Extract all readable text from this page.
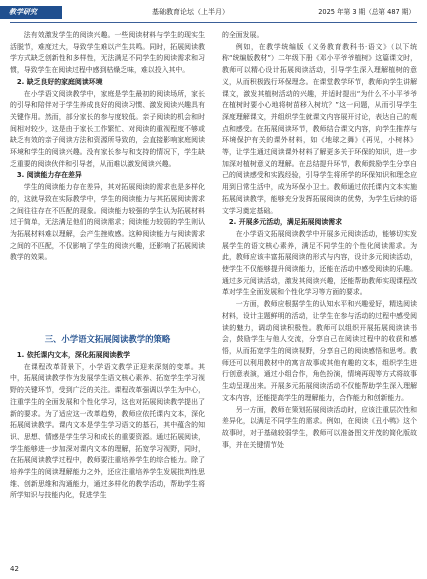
教学研究	基础教育论坛（上半月）	2025 年第 3 期（总第 487 期）

法有效激发学生的阅读兴趣。一些阅读材料与学生的现实生活脱节，难度过大，导致学生难以产生共鸣。同时，拓展阅读教学方式缺乏创新性和多样性，无法满足不同学生的阅读需求和习惯，导致学生在阅读过程中感到枯燥乏味，难以投入其中。

2. 缺乏良好的家庭阅读环境

在小学语文阅读教学中，家庭是学生最初的阅读场所，家长的引导和陪伴对于学生养成良好的阅读习惯、激发阅读兴趣具有关键作用。然而，部分家长的参与度较低。亲子阅读的机会和时间相对较少，这是由于家长工作繁忙、对阅读的重视程度不够或缺乏有效的亲子阅读方法和资源所导致的，会直接影响家庭阅读环境和学生的阅读兴趣。没有家长参与和支持的情况下，学生缺乏重要的阅读伙伴和引导者，从而难以激发阅读兴趣。

3. 阅读能力存在差异

学生的阅读能力存在差异，其对拓展阅读的需求也是多样化的，这就导致在实际教学中，学生的阅读能力与其拓展阅读需求之间往往存在不匹配的现象。阅读能力较强的学生认为拓展材料过于简单，无法满足他们的阅读需求；阅读能力较弱的学生则认为拓展材料难以理解，会产生挫败感。这种阅读能力与阅读需求之间的不匹配，不仅影响了学生的阅读兴趣，还影响了拓展阅读教学的效果。

三、小学语文拓展阅读教学的策略

1. 依托课内文本，深化拓展阅读教学

在课程改革背景下，小学语文教学正迎来深刻的变革。其中，拓展阅读教学作为发展学生语文核心素养、拓宽学生学习视野的关键环节，受到广泛的关注。课程改革强调以学生为中心，注重学生的全面发展和个性化学习，这也对拓展阅读教学提出了新的要求。为了适应这一改革趋势，教师应依托课内文本，深化拓展阅读教学。课内文本是学生学习语文的基石，其中蕴含的知识、思想、情感是学生学习和成长的重要资源。通过拓展阅读，学生能够进一步加深对课内文本的理解，拓宽学习视野，同时，在拓展阅读教学过程中，教师要注重培养学生的综合能力。除了培养学生的阅读理解能力之外，还应注重培养学生发展批判性思维、创新思维和沟通能力，通过多样化的教学活动，帮助学生将所学知识与技能内化，促进学生

的全面发展。

例如，在教学统编版《义务教育教科书·语文》（以下统称“统编版教材”）二年级下册《邓小平爷爷植树》这篇课文时，教师可以精心设计拓展阅读活动，引导学生深入理解植树的意义，从而积极践行环保理念。在课堂教学环节，教师向学生讲解课文，激发其植树活动的兴趣，并适时提出“为什么不小平爷爷在植树时要小心地将树苗移入树坑？”这一问题，从而引导学生深度理解课文，并组织学生就课文内容展开讨论，表达自己的观点和感受。在拓展阅读环节，教师结合课文内容，向学生推荐与环境保护有关的课外材料，如《地球之舞》《再见，小树林》等，让学生通过阅读课外材料了解更多关于环保的知识，进一步加深对植树意义的理解。在总结提升环节，教师鼓励学生分享自己的阅读感受和实践经验，引导学生将所学的环保知识和理念应用到日常生活中，成为环保小卫士。教师通过依托课内文本实施拓展阅读教学，能够充分发挥拓展阅读的优势，为学生后续的语文学习奠定基础。

2. 开展多元活动，满足拓展阅读需求

在小学语文拓展阅读教学中开展多元阅读活动，能够切实发展学生的语文核心素养，满足不同学生的个性化阅读需求。为此，教师应该丰富拓展阅读的形式与内容，设计多元阅读活动，使学生不仅能够提升阅读能力，还能在活动中感受阅读的乐趣。通过多元阅读活动，激发其阅读兴趣，还能帮助教师实现课程改革对学生全面发展和个性化学习等方面的要求。

一方面，教师应根据学生的认知水平和兴趣爱好，精选阅读材料，设计主题鲜明的活动，让学生在参与活动的过程中感受阅读的魅力，调动阅读积极性。教师可以组织开展拓展阅读读书会，鼓励学生与他人交流，分享自己在阅读过程中的收获和感悟，从而拓宽学生的阅读视野，分享自己的阅读感悟和思考。教师还可以利用教材中的寓言故事或其他有趣的文本，组织学生进行创意表演，通过小组合作，角色扮演，情境再现等方式将故事生动呈现出来。开展多元拓展阅读活动不仅能帮助学生深入理解文本内容，还能提高学生的理解能力，合作能力和创新能力。

另一方面，教师在策划拓展阅读活动时，应该注重层次性和差异化，以满足不同学生的需求。例如，在阅读《丑小鸭》这个故事时，对于基础较弱学生，教师可以准备图文并茂的简化版故事，并在关键情节处

42
